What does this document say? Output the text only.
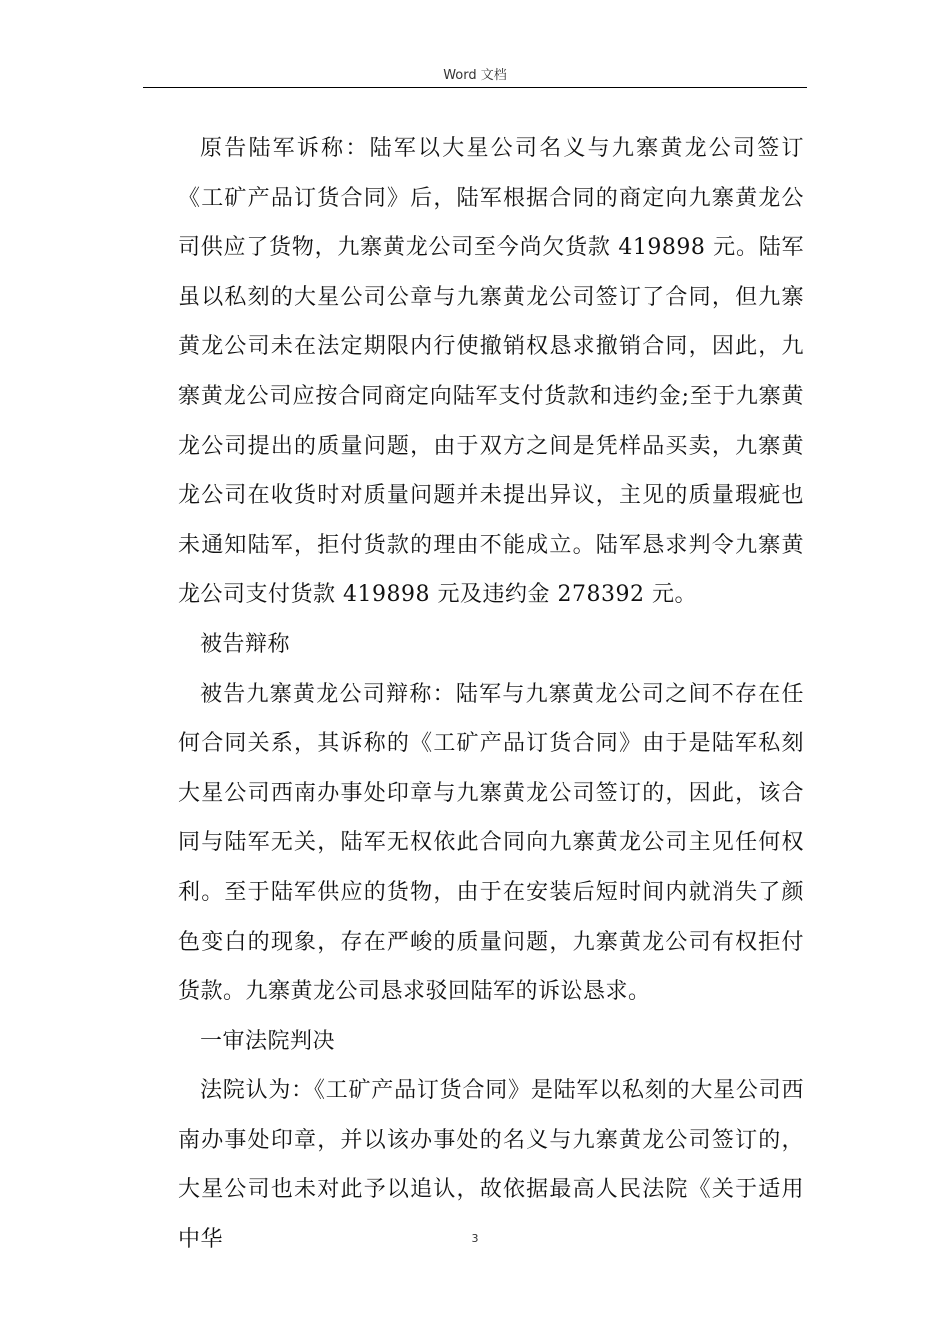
Word 文档

原告陆军诉称：陆军以大星公司名义与九寨黄龙公司签订《工矿产品订货合同》后，陆军根据合同的商定向九寨黄龙公司供应了货物，九寨黄龙公司至今尚欠货款 419898 元。陆军虽以私刻的大星公司公章与九寨黄龙公司签订了合同，但九寨黄龙公司未在法定期限内行使撤销权恳求撤销合同，因此，九寨黄龙公司应按合同商定向陆军支付货款和违约金;至于九寨黄龙公司提出的质量问题，由于双方之间是凭样品买卖，九寨黄龙公司在收货时对质量问题并未提出异议，主见的质量瑕疵也未通知陆军，拒付货款的理由不能成立。陆军恳求判令九寨黄龙公司支付货款 419898 元及违约金 278392 元。

被告辩称

被告九寨黄龙公司辩称：陆军与九寨黄龙公司之间不存在任何合同关系，其诉称的《工矿产品订货合同》由于是陆军私刻大星公司西南办事处印章与九寨黄龙公司签订的，因此，该合同与陆军无关，陆军无权依此合同向九寨黄龙公司主见任何权利。至于陆军供应的货物，由于在安装后短时间内就消失了颜色变白的现象，存在严峻的质量问题，九寨黄龙公司有权拒付货款。九寨黄龙公司恳求驳回陆军的诉讼恳求。

一审法院判决

法院认为：《工矿产品订货合同》是陆军以私刻的大星公司西南办事处印章，并以该办事处的名义与九寨黄龙公司签订的，大星公司也未对此予以追认，故依据最高人民法院《关于适用中华	3
